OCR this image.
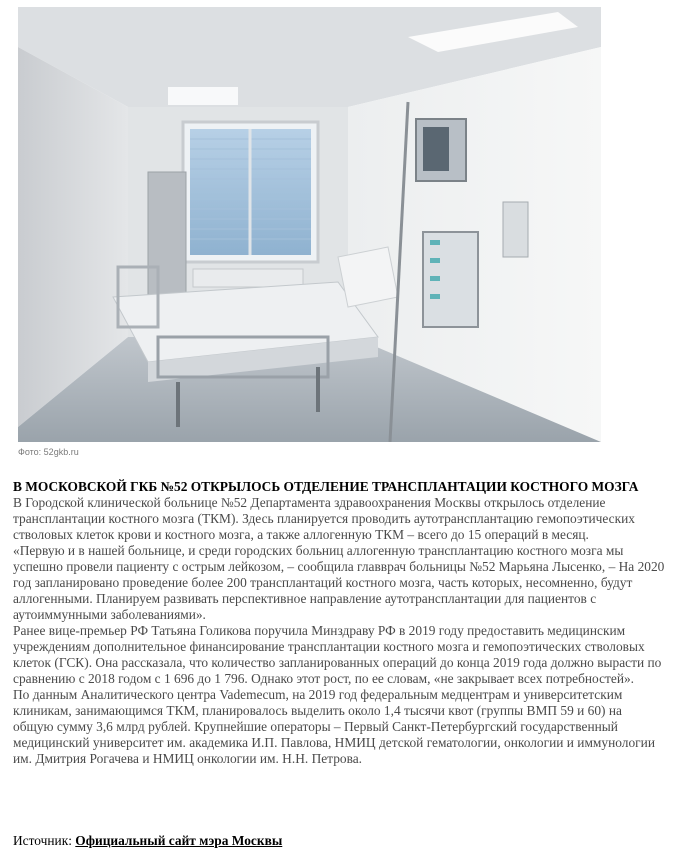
Фото: 52gkb.ru
В МОСКОВСКОЙ ГКБ №52 ОТКРЫЛОСЬ ОТДЕЛЕНИЕ ТРАНСПЛАНТАЦИИ КОСТНОГО МОЗГА

В Городской клинической больнице №52 Департамента здравоохранения Москвы открылось отделение трансплантации костного мозга (ТКМ). Здесь планируется проводить аутотрансплантацию гемопоэтических стволовых клеток крови и костного мозга, а также аллогенную ТКМ – всего до 15 операций в месяц.

«Первую и в нашей больнице, и среди городских больниц аллогенную трансплантацию костного мозга мы успешно провели пациенту с острым лейкозом, – сообщила главврач больницы №52 Марьяна Лысенко, – На 2020 год запланировано проведение более 200 трансплантаций костного мозга, часть которых, несомненно, будут аллогенными. Планируем развивать перспективное направление аутотрансплантации для пациентов с аутоиммунными заболеваниями».

Ранее вице-премьер РФ Татьяна Голикова поручила Минздраву РФ в 2019 году предоставить медицинским учреждениям дополнительное финансирование трансплантации костного мозга и гемопоэтических стволовых клеток (ГСК). Она рассказала, что количество запланированных операций до конца 2019 года должно вырасти по сравнению с 2018 годом с 1 696 до 1 796. Однако этот рост, по ее словам, «не закрывает всех потребностей».

По данным Аналитического центра Vademecum, на 2019 год федеральным медцентрам и университетским клиникам, занимающимся ТКМ, планировалось выделить около 1,4 тысячи квот (группы ВМП 59 и 60) на общую сумму 3,6 млрд рублей. Крупнейшие операторы – Первый Санкт-Петербургский государственный медицинский университет им. академика И.П. Павлова, НМИЦ детской гематологии, онкологии и иммунологии им. Дмитрия Рогачева и НМИЦ онкологии им. Н.Н. Петрова.

Источник: Официальный сайт мэра Москвы
